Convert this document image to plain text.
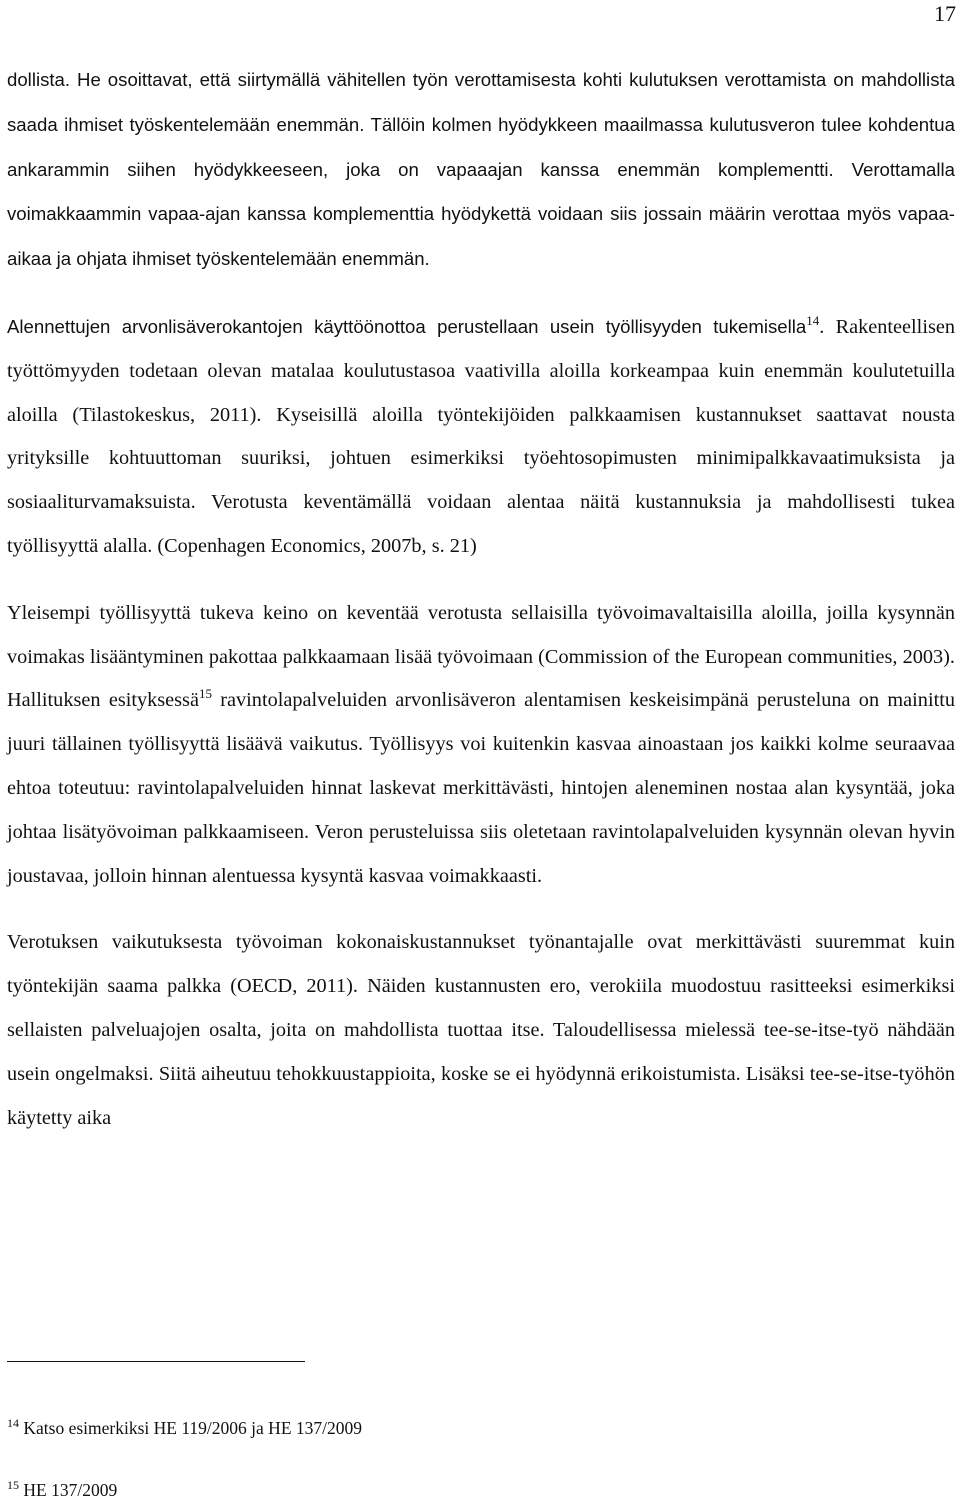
17

dollista. He osoittavat, että siirtymällä vähitellen työn verottamisesta kohti kulutuksen verottamista on mahdollista saada ihmiset työskentelemään enemmän. Tällöin kolmen hyödykkeen maailmassa kulutusveron tulee kohdentua ankarammin siihen hyödykkeeseen, joka on vapaaajan kanssa enemmän komplementti. Verottamalla voimakkaammin vapaa-ajan kanssa komplementtia hyödykettä voidaan siis jossain määrin verottaa myös vapaa-aikaa ja ohjata ihmiset työskentelemään enemmän.

Alennettujen arvonlisäverokantojen käyttöönottoa perustellaan usein työllisyyden tukemisella$^{14}$. Rakenteellisen työttömyyden todetaan olevan matalaa koulutustasoa vaativilla aloilla korkeampaa kuin enemmän koulutetuilla aloilla (Tilastokeskus, 2011). Kyseisillä aloilla työntekijöiden palkkaamisen kustannukset saattavat nousta yrityksille kohtuuttoman suuriksi, johtuen esimerkiksi työehtosopimusten minimipalkkavaatimuksista ja sosiaaliturvamaksuista. Verotusta keventämällä voidaan alentaa näitä kustannuksia ja mahdollisesti tukea työllisyyttä alalla. (Copenhagen Economics, 2007b, s. 21)

Yleisempi työllisyyttä tukeva keino on keventää verotusta sellaisilla työvoimavaltaisilla aloilla, joilla kysynnän voimakas lisääntyminen pakottaa palkkaamaan lisää työvoimaan (Commission of the European communities, 2003). Hallituksen esityksessä$^{15}$ ravintolapalveluiden arvonlisäveron alentamisen keskeisimpänä perusteluna on mainittu juuri tällainen työllisyyttä lisäävä vaikutus. Työllisyys voi kuitenkin kasvaa ainoastaan jos kaikki kolme seuraavaa ehtoa toteutuu: ravintolapalveluiden hinnat laskevat merkittävästi, hintojen aleneminen nostaa alan kysyntää, joka johtaa lisätyövoiman palkkaamiseen. Veron perusteluissa siis oletetaan ravintolapalveluiden kysynnän olevan hyvin joustavaa, jolloin hinnan alentuessa kysyntä kasvaa voimakkaasti.

Verotuksen vaikutuksesta työvoiman kokonaiskustannukset työnantajalle ovat merkittävästi suuremmat kuin työntekijän saama palkka (OECD, 2011). Näiden kustannusten ero, verokiila muodostuu rasitteeksi esimerkiksi sellaisten palveluajojen osalta, joita on mahdollista tuottaa itse. Taloudellisessa mielessä tee-se-itse-työ nähdään usein ongelmaksi. Siitä aiheutuu tehokkuustappioita, koske se ei hyödynnä erikoistumista. Lisäksi tee-se-itse-työhön käytetty aika

$^{14}$ Katso esimerkiksi HE 119/2006 ja HE 137/2009
$^{15}$ HE 137/2009
